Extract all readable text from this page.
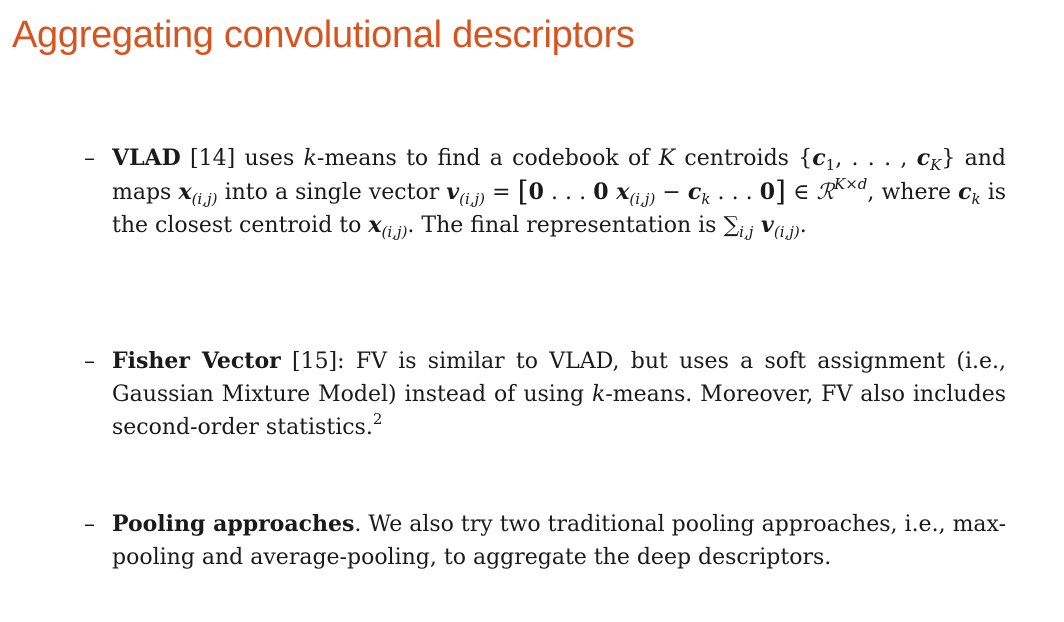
Aggregating convolutional descriptors
– VLAD [14] uses k-means to find a codebook of K centroids {$c_1$, . . . , $c_K$} and maps $x_{(i,j)}$ into a single vector $v_{(i,j)} = [0$ . . . 0 $x_{(i,j)} - c_k$ . . . 0] ∈ ℛ$^{K\times d}$, where $c_k$ is the closest centroid to $x_{(i,j)}$. The final representation is $\sum_{i,j}$ $v_{(i,j)}$.
– Fisher Vector [15]: FV is similar to VLAD, but uses a soft assignment (i.e., Gaussian Mixture Model) instead of using k-means. Moreover, FV also includes second-order statistics.$^2$
– Pooling approaches. We also try two traditional pooling approaches, i.e., max-pooling and average-pooling, to aggregate the deep descriptors.
